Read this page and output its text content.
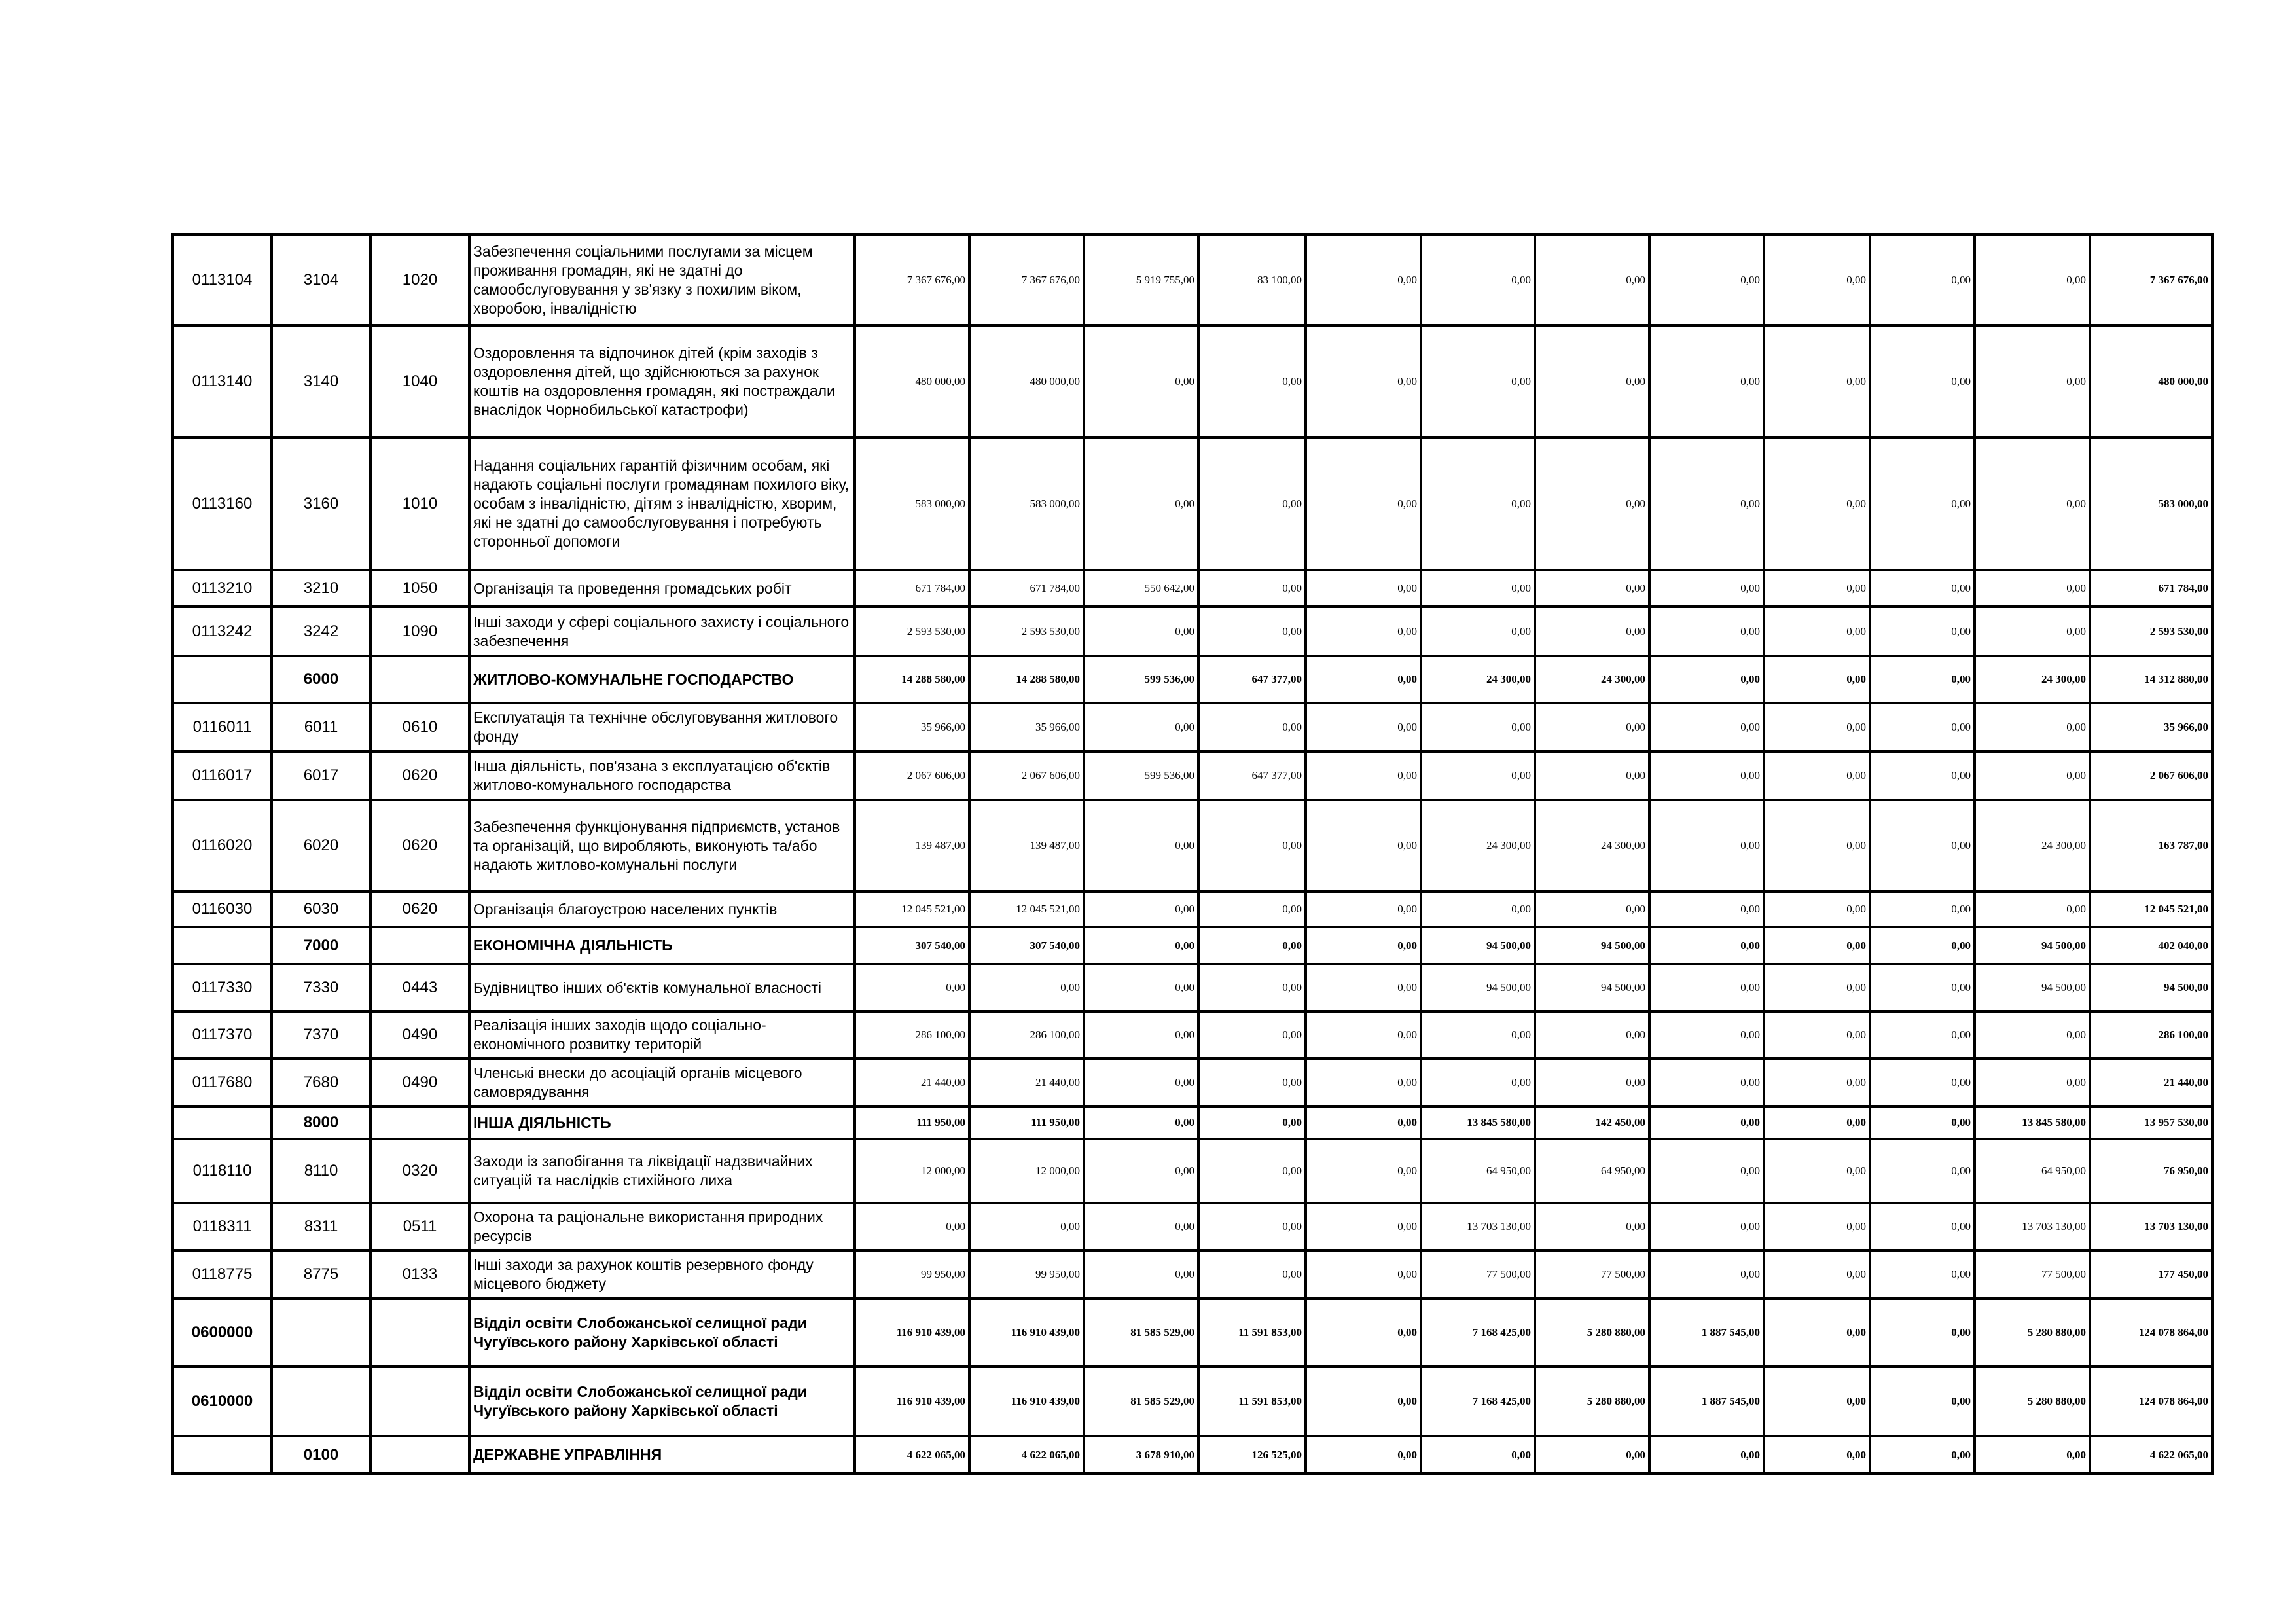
0113104	3104	1020	Забезпечення соціальними послугами за місцем проживання громадян, які не здатні до самообслуговування у зв'язку з похилим віком, хворобою, інвалідністю	7 367 676,00	7 367 676,00	5 919 755,00	83 100,00	0,00	0,00	0,00	0,00	0,00	0,00	0,00	7 367 676,00
0113140	3140	1040	Оздоровлення та відпочинок дітей (крім заходів з оздоровлення дітей, що здійснюються за рахунок коштів на оздоровлення громадян, які постраждали внаслідок Чорнобильської катастрофи)	480 000,00	480 000,00	0,00	0,00	0,00	0,00	0,00	0,00	0,00	0,00	0,00	480 000,00
0113160	3160	1010	Надання соціальних гарантій фізичним особам, які надають соціальні послуги громадянам похилого віку, особам з інвалідністю, дітям з інвалідністю, хворим, які не здатні до самообслуговування і потребують сторонньої допомоги	583 000,00	583 000,00	0,00	0,00	0,00	0,00	0,00	0,00	0,00	0,00	0,00	583 000,00
0113210	3210	1050	Організація та проведення громадських робіт	671 784,00	671 784,00	550 642,00	0,00	0,00	0,00	0,00	0,00	0,00	0,00	0,00	671 784,00
0113242	3242	1090	Інші заходи у сфері соціального захисту і соціального забезпечення	2 593 530,00	2 593 530,00	0,00	0,00	0,00	0,00	0,00	0,00	0,00	0,00	0,00	2 593 530,00
	6000		ЖИТЛОВО-КОМУНАЛЬНЕ ГОСПОДАРСТВО	14 288 580,00	14 288 580,00	599 536,00	647 377,00	0,00	24 300,00	24 300,00	0,00	0,00	0,00	24 300,00	14 312 880,00
0116011	6011	0610	Експлуатація та технічне обслуговування житлового фонду	35 966,00	35 966,00	0,00	0,00	0,00	0,00	0,00	0,00	0,00	0,00	0,00	35 966,00
0116017	6017	0620	Інша діяльність, пов'язана з експлуатацією об'єктів житлово-комунального господарства	2 067 606,00	2 067 606,00	599 536,00	647 377,00	0,00	0,00	0,00	0,00	0,00	0,00	0,00	2 067 606,00
0116020	6020	0620	Забезпечення функціонування підприємств, установ та організацій, що виробляють, виконують та/або надають житлово-комунальні послуги	139 487,00	139 487,00	0,00	0,00	0,00	24 300,00	24 300,00	0,00	0,00	0,00	24 300,00	163 787,00
0116030	6030	0620	Організація благоустрою населених пунктів	12 045 521,00	12 045 521,00	0,00	0,00	0,00	0,00	0,00	0,00	0,00	0,00	0,00	12 045 521,00
	7000		ЕКОНОМІЧНА ДІЯЛЬНІСТЬ	307 540,00	307 540,00	0,00	0,00	0,00	94 500,00	94 500,00	0,00	0,00	0,00	94 500,00	402 040,00
0117330	7330	0443	Будівництво інших об'єктів комунальної власності	0,00	0,00	0,00	0,00	0,00	94 500,00	94 500,00	0,00	0,00	0,00	94 500,00	94 500,00
0117370	7370	0490	Реалізація інших заходів щодо соціально-економічного розвитку територій	286 100,00	286 100,00	0,00	0,00	0,00	0,00	0,00	0,00	0,00	0,00	0,00	286 100,00
0117680	7680	0490	Членські внески до асоціацій органів місцевого самоврядування	21 440,00	21 440,00	0,00	0,00	0,00	0,00	0,00	0,00	0,00	0,00	0,00	21 440,00
	8000		ІНША ДІЯЛЬНІСТЬ	111 950,00	111 950,00	0,00	0,00	0,00	13 845 580,00	142 450,00	0,00	0,00	0,00	13 845 580,00	13 957 530,00
0118110	8110	0320	Заходи із запобігання та ліквідації надзвичайних ситуацій та наслідків стихійного лиха	12 000,00	12 000,00	0,00	0,00	0,00	64 950,00	64 950,00	0,00	0,00	0,00	64 950,00	76 950,00
0118311	8311	0511	Охорона та раціональне використання природних ресурсів	0,00	0,00	0,00	0,00	0,00	13 703 130,00	0,00	0,00	0,00	0,00	13 703 130,00	13 703 130,00
0118775	8775	0133	Інші заходи за рахунок коштів резервного фонду місцевого бюджету	99 950,00	99 950,00	0,00	0,00	0,00	77 500,00	77 500,00	0,00	0,00	0,00	77 500,00	177 450,00
0600000			Відділ освіти Слобожанської селищної ради Чугуївського району Харківської області	116 910 439,00	116 910 439,00	81 585 529,00	11 591 853,00	0,00	7 168 425,00	5 280 880,00	1 887 545,00	0,00	0,00	5 280 880,00	124 078 864,00
0610000			Відділ освіти Слобожанської селищної ради Чугуївського району Харківської області	116 910 439,00	116 910 439,00	81 585 529,00	11 591 853,00	0,00	7 168 425,00	5 280 880,00	1 887 545,00	0,00	0,00	5 280 880,00	124 078 864,00
	0100		ДЕРЖАВНЕ УПРАВЛІННЯ	4 622 065,00	4 622 065,00	3 678 910,00	126 525,00	0,00	0,00	0,00	0,00	0,00	0,00	0,00	4 622 065,00
